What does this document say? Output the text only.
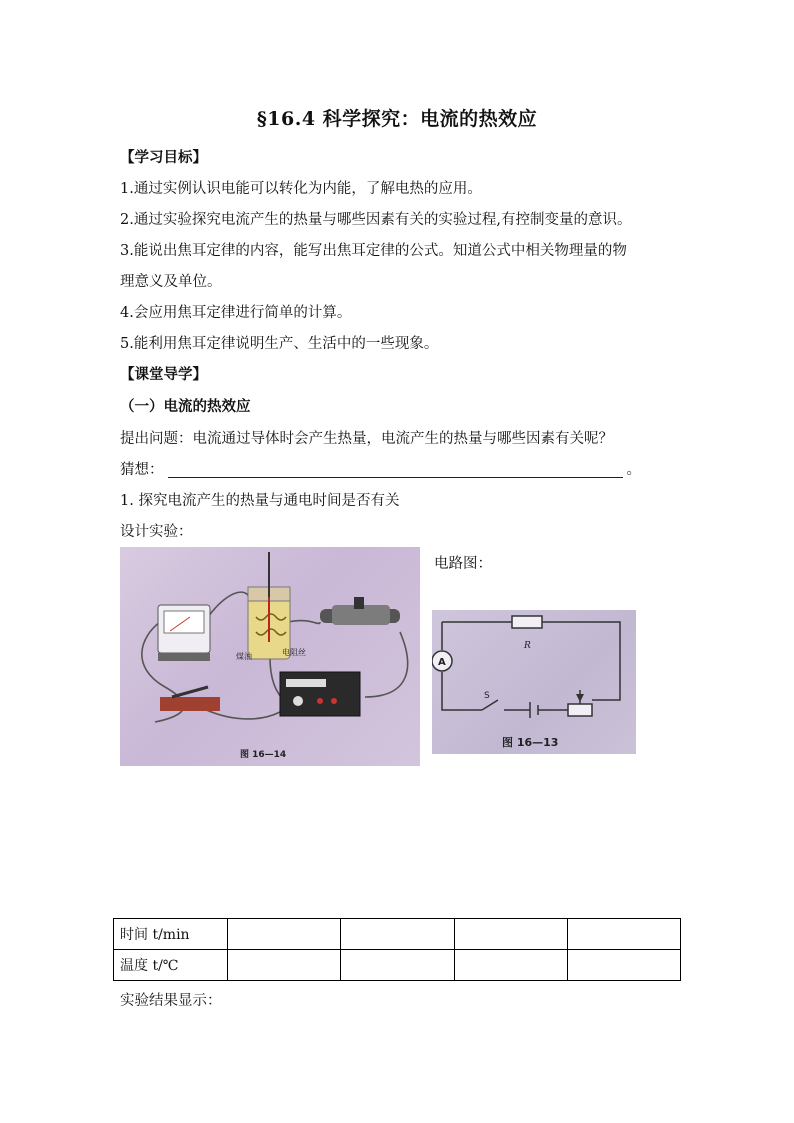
§16.4 科学探究：电流的热效应
【学习目标】
1.通过实例认识电能可以转化为内能，了解电热的应用。
2.通过实验探究电流产生的热量与哪些因素有关的实验过程,有控制变量的意识。
3.能说出焦耳定律的内容，能写出焦耳定律的公式。知道公式中相关物理量的物
理意义及单位。
4.会应用焦耳定律进行简单的计算。
5.能利用焦耳定律说明生产、生活中的一些现象。
【课堂导学】
（一）电流的热效应
提出问题：电流通过导体时会产生热量，电流产生的热量与哪些因素有关呢？
猜想：	。
1. 探究电流产生的热量与通电时间是否有关
设计实验：
煤油	电阻丝
图 16—14
电路图：
A
R
S
图 16—13
时间 t/min				
温度 t/℃				
实验结果显示：
